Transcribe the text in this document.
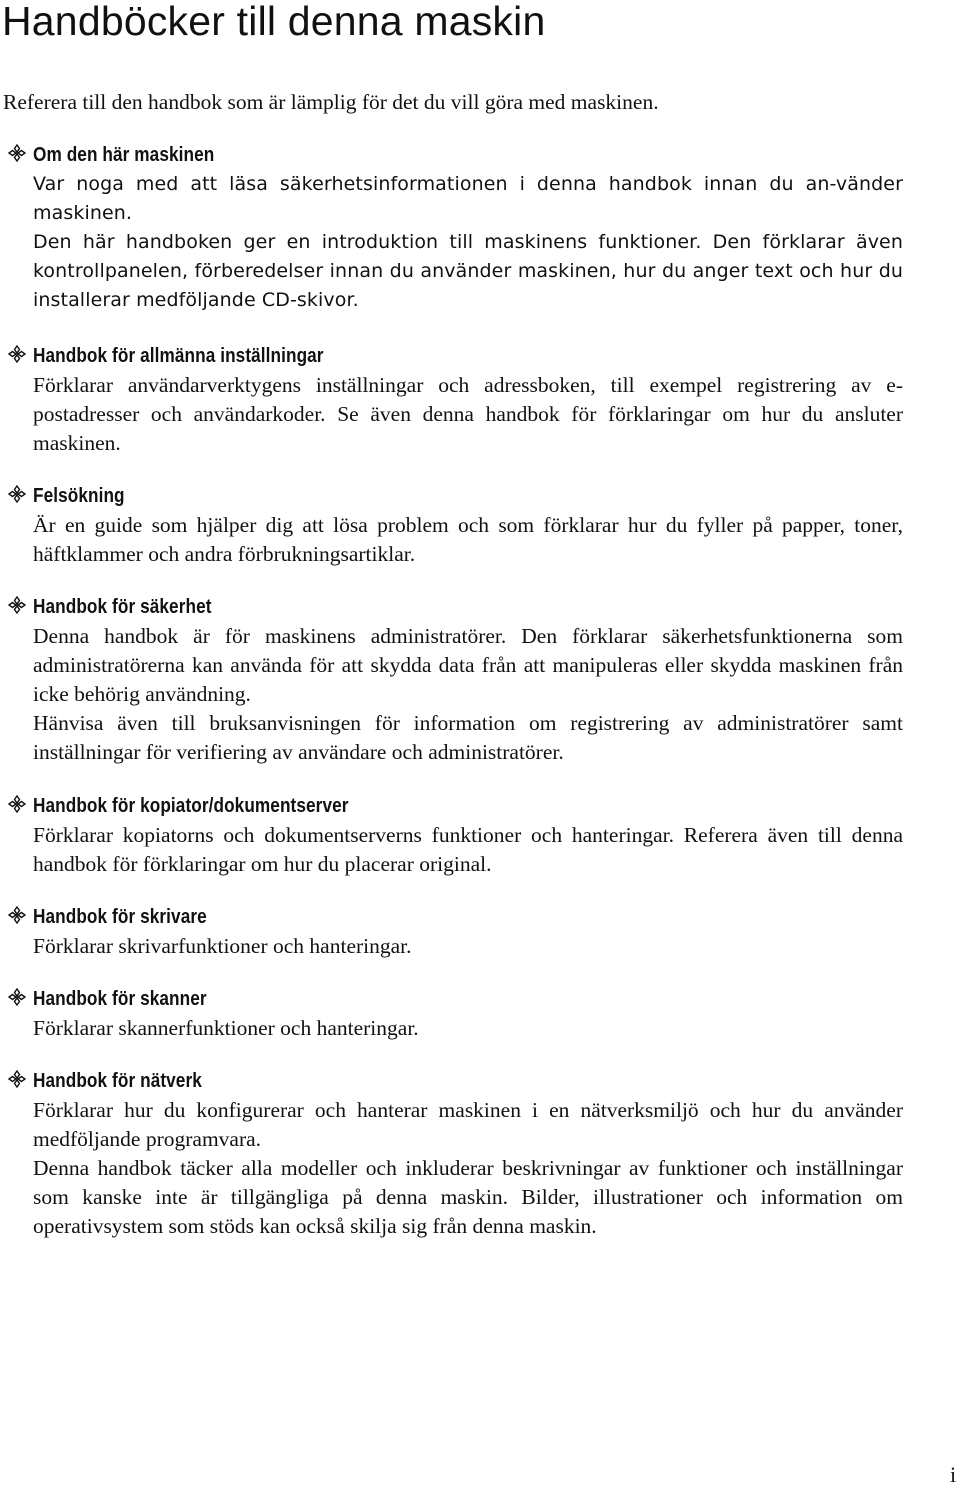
Handböcker till denna maskin

Referera till den handbok som är lämplig för det du vill göra med maskinen.

Om den här maskinen

Var noga med att läsa säkerhetsinformationen i denna handbok innan du an-vänder maskinen.

Den här handboken ger en introduktion till maskinens funktioner. Den förklarar även kontrollpanelen, förberedelser innan du använder maskinen, hur du anger text och hur du installerar medföljande CD-skivor.

Handbok för allmänna inställningar

Förklarar användarverktygens inställningar och adressboken, till exempel registrering av e-postadresser och användarkoder. Se även denna handbok för förklaringar om hur du ansluter maskinen.

Felsökning

Är en guide som hjälper dig att lösa problem och som förklarar hur du fyller på papper, toner, häftklammer och andra förbrukningsartiklar.

Handbok för säkerhet

Denna handbok är för maskinens administratörer. Den förklarar säkerhetsfunktionerna som administratörerna kan använda för att skydda data från att manipuleras eller skydda maskinen från icke behörig användning.

Hänvisa även till bruksanvisningen för information om registrering av administratörer samt inställningar för verifiering av användare och administratörer.

Handbok för kopiator/dokumentserver

Förklarar kopiatorns och dokumentserverns funktioner och hanteringar. Referera även till denna handbok för förklaringar om hur du placerar original.

Handbok för skrivare

Förklarar skrivarfunktioner och hanteringar.

Handbok för skanner

Förklarar skannerfunktioner och hanteringar.

Handbok för nätverk

Förklarar hur du konfigurerar och hanterar maskinen i en nätverksmiljö och hur du använder medföljande programvara.

Denna handbok täcker alla modeller och inkluderar beskrivningar av funktioner och inställningar som kanske inte är tillgängliga på denna maskin. Bilder, illustrationer och information om operativsystem som stöds kan också skilja sig från denna maskin.

i
